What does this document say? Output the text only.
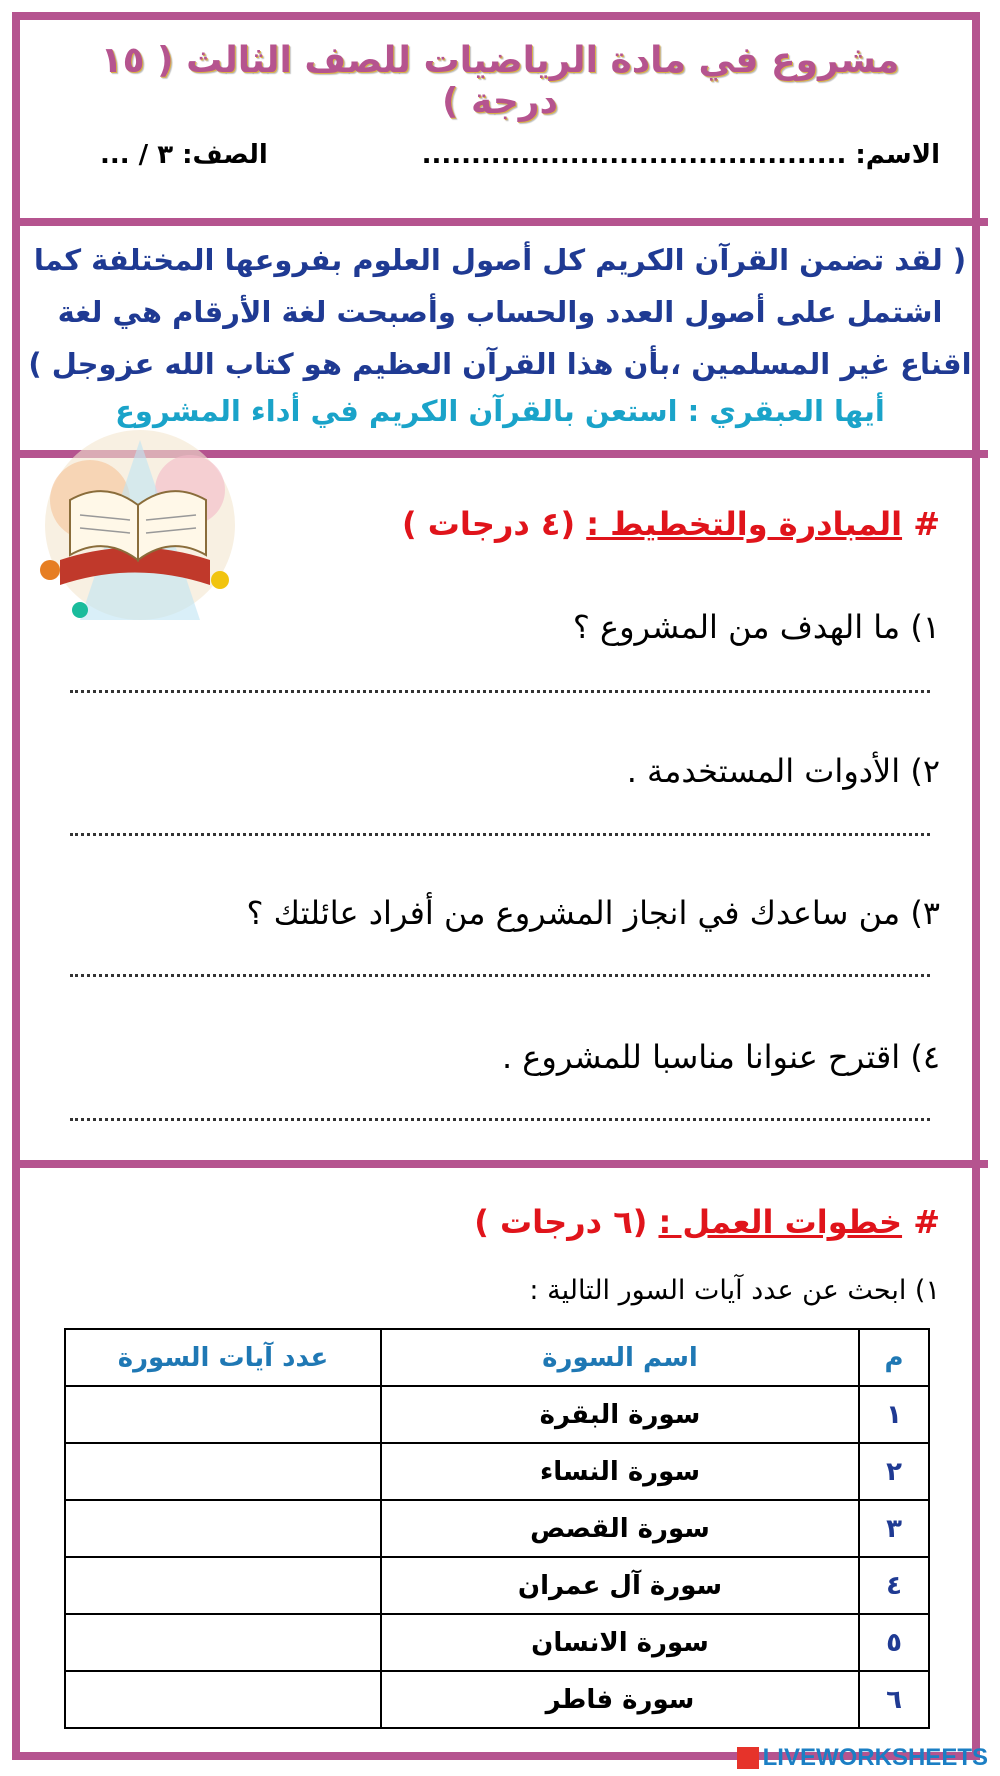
مشروع في مادة الرياضيات للصف الثالث ( ١٥ درجة )
الاسم: ...........................................
الصف: ٣ / ...
( لقد تضمن القرآن الكريم كل أصول العلوم بفروعها المختلفة كما اشتمل على أصول العدد والحساب وأصبحت لغة الأرقام هي لغة اقناع غير المسلمين ،بأن هذا القرآن العظيم هو كتاب الله عزوجل )
أيها العبقري : استعن بالقرآن الكريم في أداء المشروع
# المبادرة والتخطيط : (٤ درجات )
١) ما الهدف من المشروع ؟
٢) الأدوات المستخدمة .
٣) من ساعدك في انجاز المشروع من أفراد عائلتك ؟
٤) اقترح عنوانا مناسبا للمشروع .
# خطوات العمل : (٦ درجات )
١) ابحث عن عدد آيات السور التالية :
م	اسم السورة	عدد آيات السورة
١	سورة البقرة	
٢	سورة النساء	
٣	سورة القصص	
٤	سورة آل عمران	
٥	سورة الانسان	
٦	سورة فاطر	
LIVEWORKSHEETS
